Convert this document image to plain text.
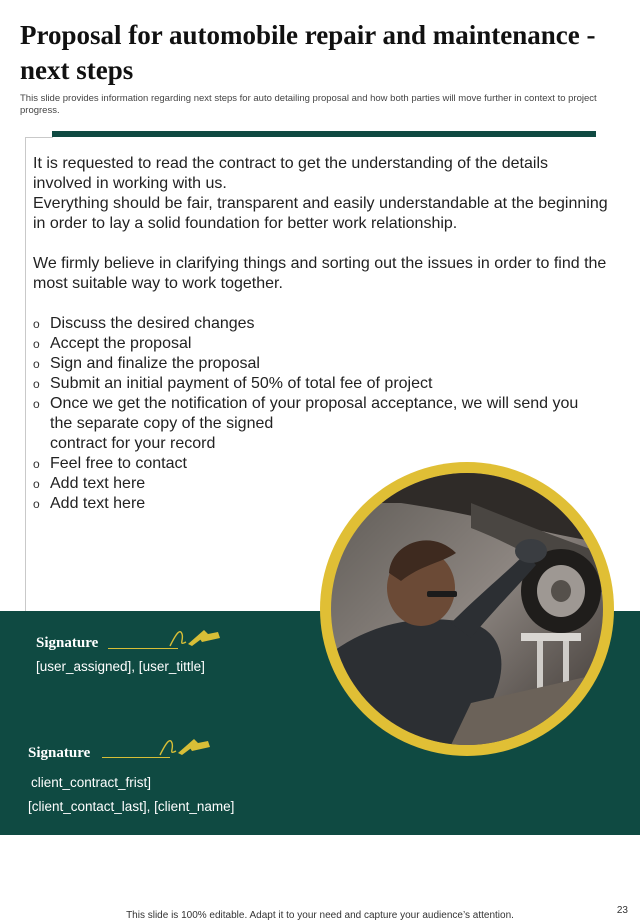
Proposal for automobile repair and maintenance - next steps
This slide provides information regarding next steps for auto detailing proposal and how both parties will move further in context to project progress.

It is requested to read the contract to get the understanding of the details involved in working with us.

Everything should be fair, transparent and easily understandable at the beginning in order to lay a solid foundation for better work relationship.

We firmly believe in clarifying things and sorting out the issues in order to find the most suitable way to work together.

o Discuss the desired changes
o Accept the proposal
o Sign and finalize the proposal
o Submit an initial payment of 50% of total fee of project
o Once we get the notification of your proposal acceptance, we will send you
the separate copy of the signed
contract for your record
o Feel free to contact
o Add text here
o Add text here
Signature
[user_assigned], [user_tittle]
Signature
client_contract_frist]
[client_contact_last], [client_name]
This slide is 100% editable. Adapt it to your need and capture your audience’s attention.	23
